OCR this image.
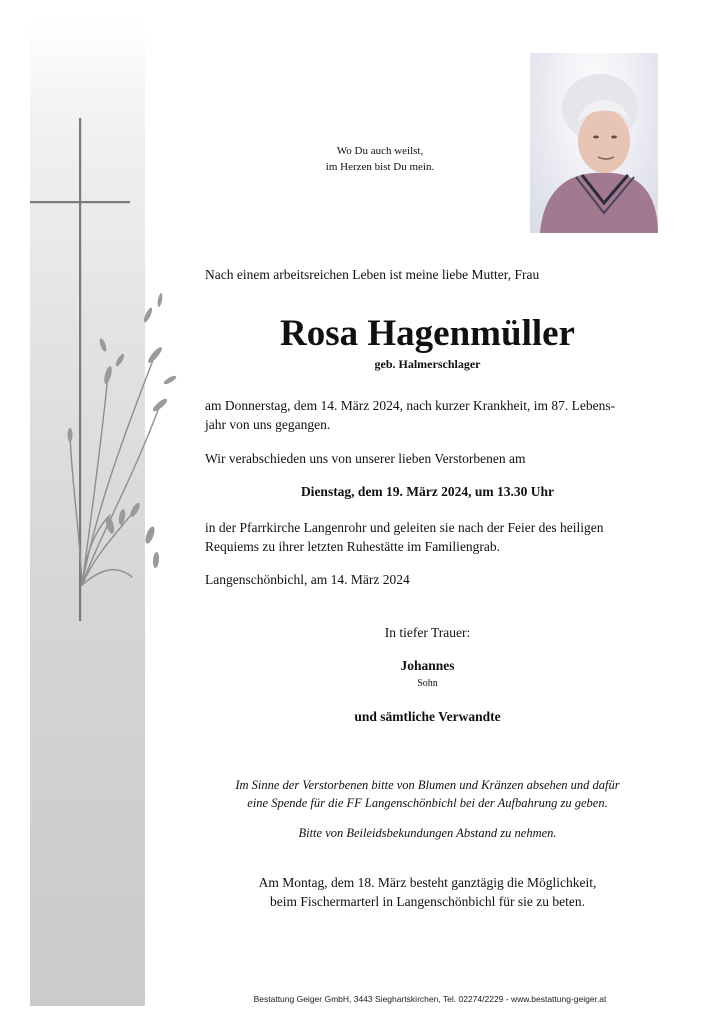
Wo Du auch weilst,
im Herzen bist Du mein.
Nach einem arbeitsreichen Leben ist meine liebe Mutter, Frau
Rosa Hagenmüller
geb. Halmerschlager
am Donnerstag, dem 14. März 2024, nach kurzer Krankheit, im 87. Lebens-
jahr von uns gegangen.
Wir verabschieden uns von unserer lieben Verstorbenen am
Dienstag, dem 19. März 2024, um 13.30 Uhr
in der Pfarrkirche Langenrohr und geleiten sie nach der Feier des heiligen
Requiems zu ihrer letzten Ruhestätte im Familiengrab.
Langenschönbichl, am 14. März 2024
In tiefer Trauer:
Johannes
Sohn
und sämtliche Verwandte
Im Sinne der Verstorbenen bitte von Blumen und Kränzen absehen und dafür
eine Spende für die FF Langenschönbichl bei der Aufbahrung zu geben.
Bitte von Beileidsbekundungen Abstand zu nehmen.
Am Montag, dem 18. März besteht ganztägig die Möglichkeit,
beim Fischermarterl in Langenschönbichl für sie zu beten.
Bestattung Geiger GmbH, 3443 Sieghartskirchen, Tel. 02274/2229 - www.bestattung-geiger.at
